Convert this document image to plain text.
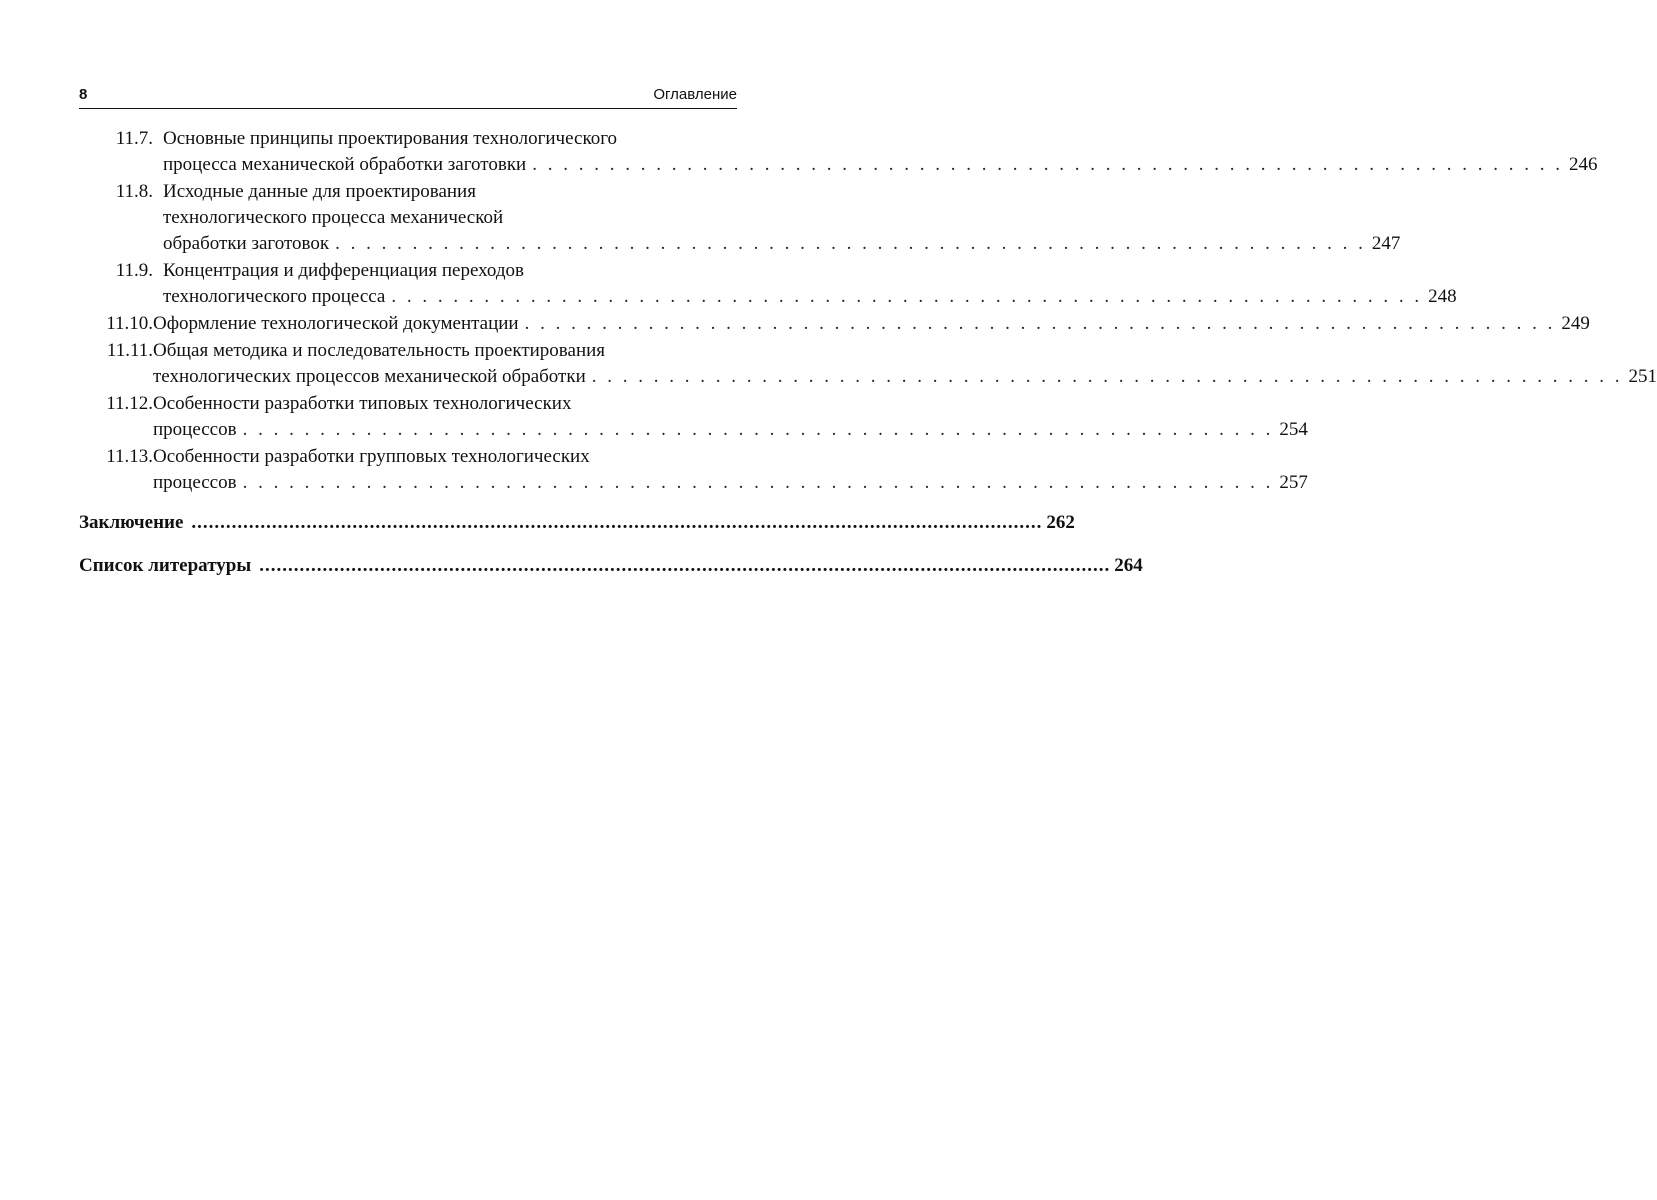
8	Оглавление
11.7. Основные принципы проектирования технологического
процесса механической обработки заготовки . . . . . . . . . . . . . . . . . . . . . . . . . . . . . . . . . . . . . . . . . . . . . . . . . . . . . . . . . . . . . . . . . . . 246
11.8. Исходные данные для проектирования
технологического процесса механической
обработки заготовок . . . . . . . . . . . . . . . . . . . . . . . . . . . . . . . . . . . . . . . . . . . . . . . . . . . . . . . . . . . . . . . . . . . 247
11.9. Концентрация и дифференциация переходов
технологического процесса . . . . . . . . . . . . . . . . . . . . . . . . . . . . . . . . . . . . . . . . . . . . . . . . . . . . . . . . . . . . . . . . . . . 248
11.10. Оформление технологической документации . . . . . . . . . . . . . . . . . . . . . . . . . . . . . . . . . . . . . . . . . . . . . . . . . . . . . . . . . . . . . . . . . . . 249
11.11. Общая методика и последовательность проектирования
технологических процессов механической обработки . . . . . . . . . . . . . . . . . . . . . . . . . . . . . . . . . . . . . . . . . . . . . . . . . . . . . . . . . . . . . . . . . . . 251
11.12. Особенности разработки типовых технологических
процессов . . . . . . . . . . . . . . . . . . . . . . . . . . . . . . . . . . . . . . . . . . . . . . . . . . . . . . . . . . . . . . . . . . . 254
11.13. Особенности разработки групповых технологических
процессов . . . . . . . . . . . . . . . . . . . . . . . . . . . . . . . . . . . . . . . . . . . . . . . . . . . . . . . . . . . . . . . . . . . 257
Заключение .................................................................................................................................................... 262
Список литературы .................................................................................................................................................... 264
